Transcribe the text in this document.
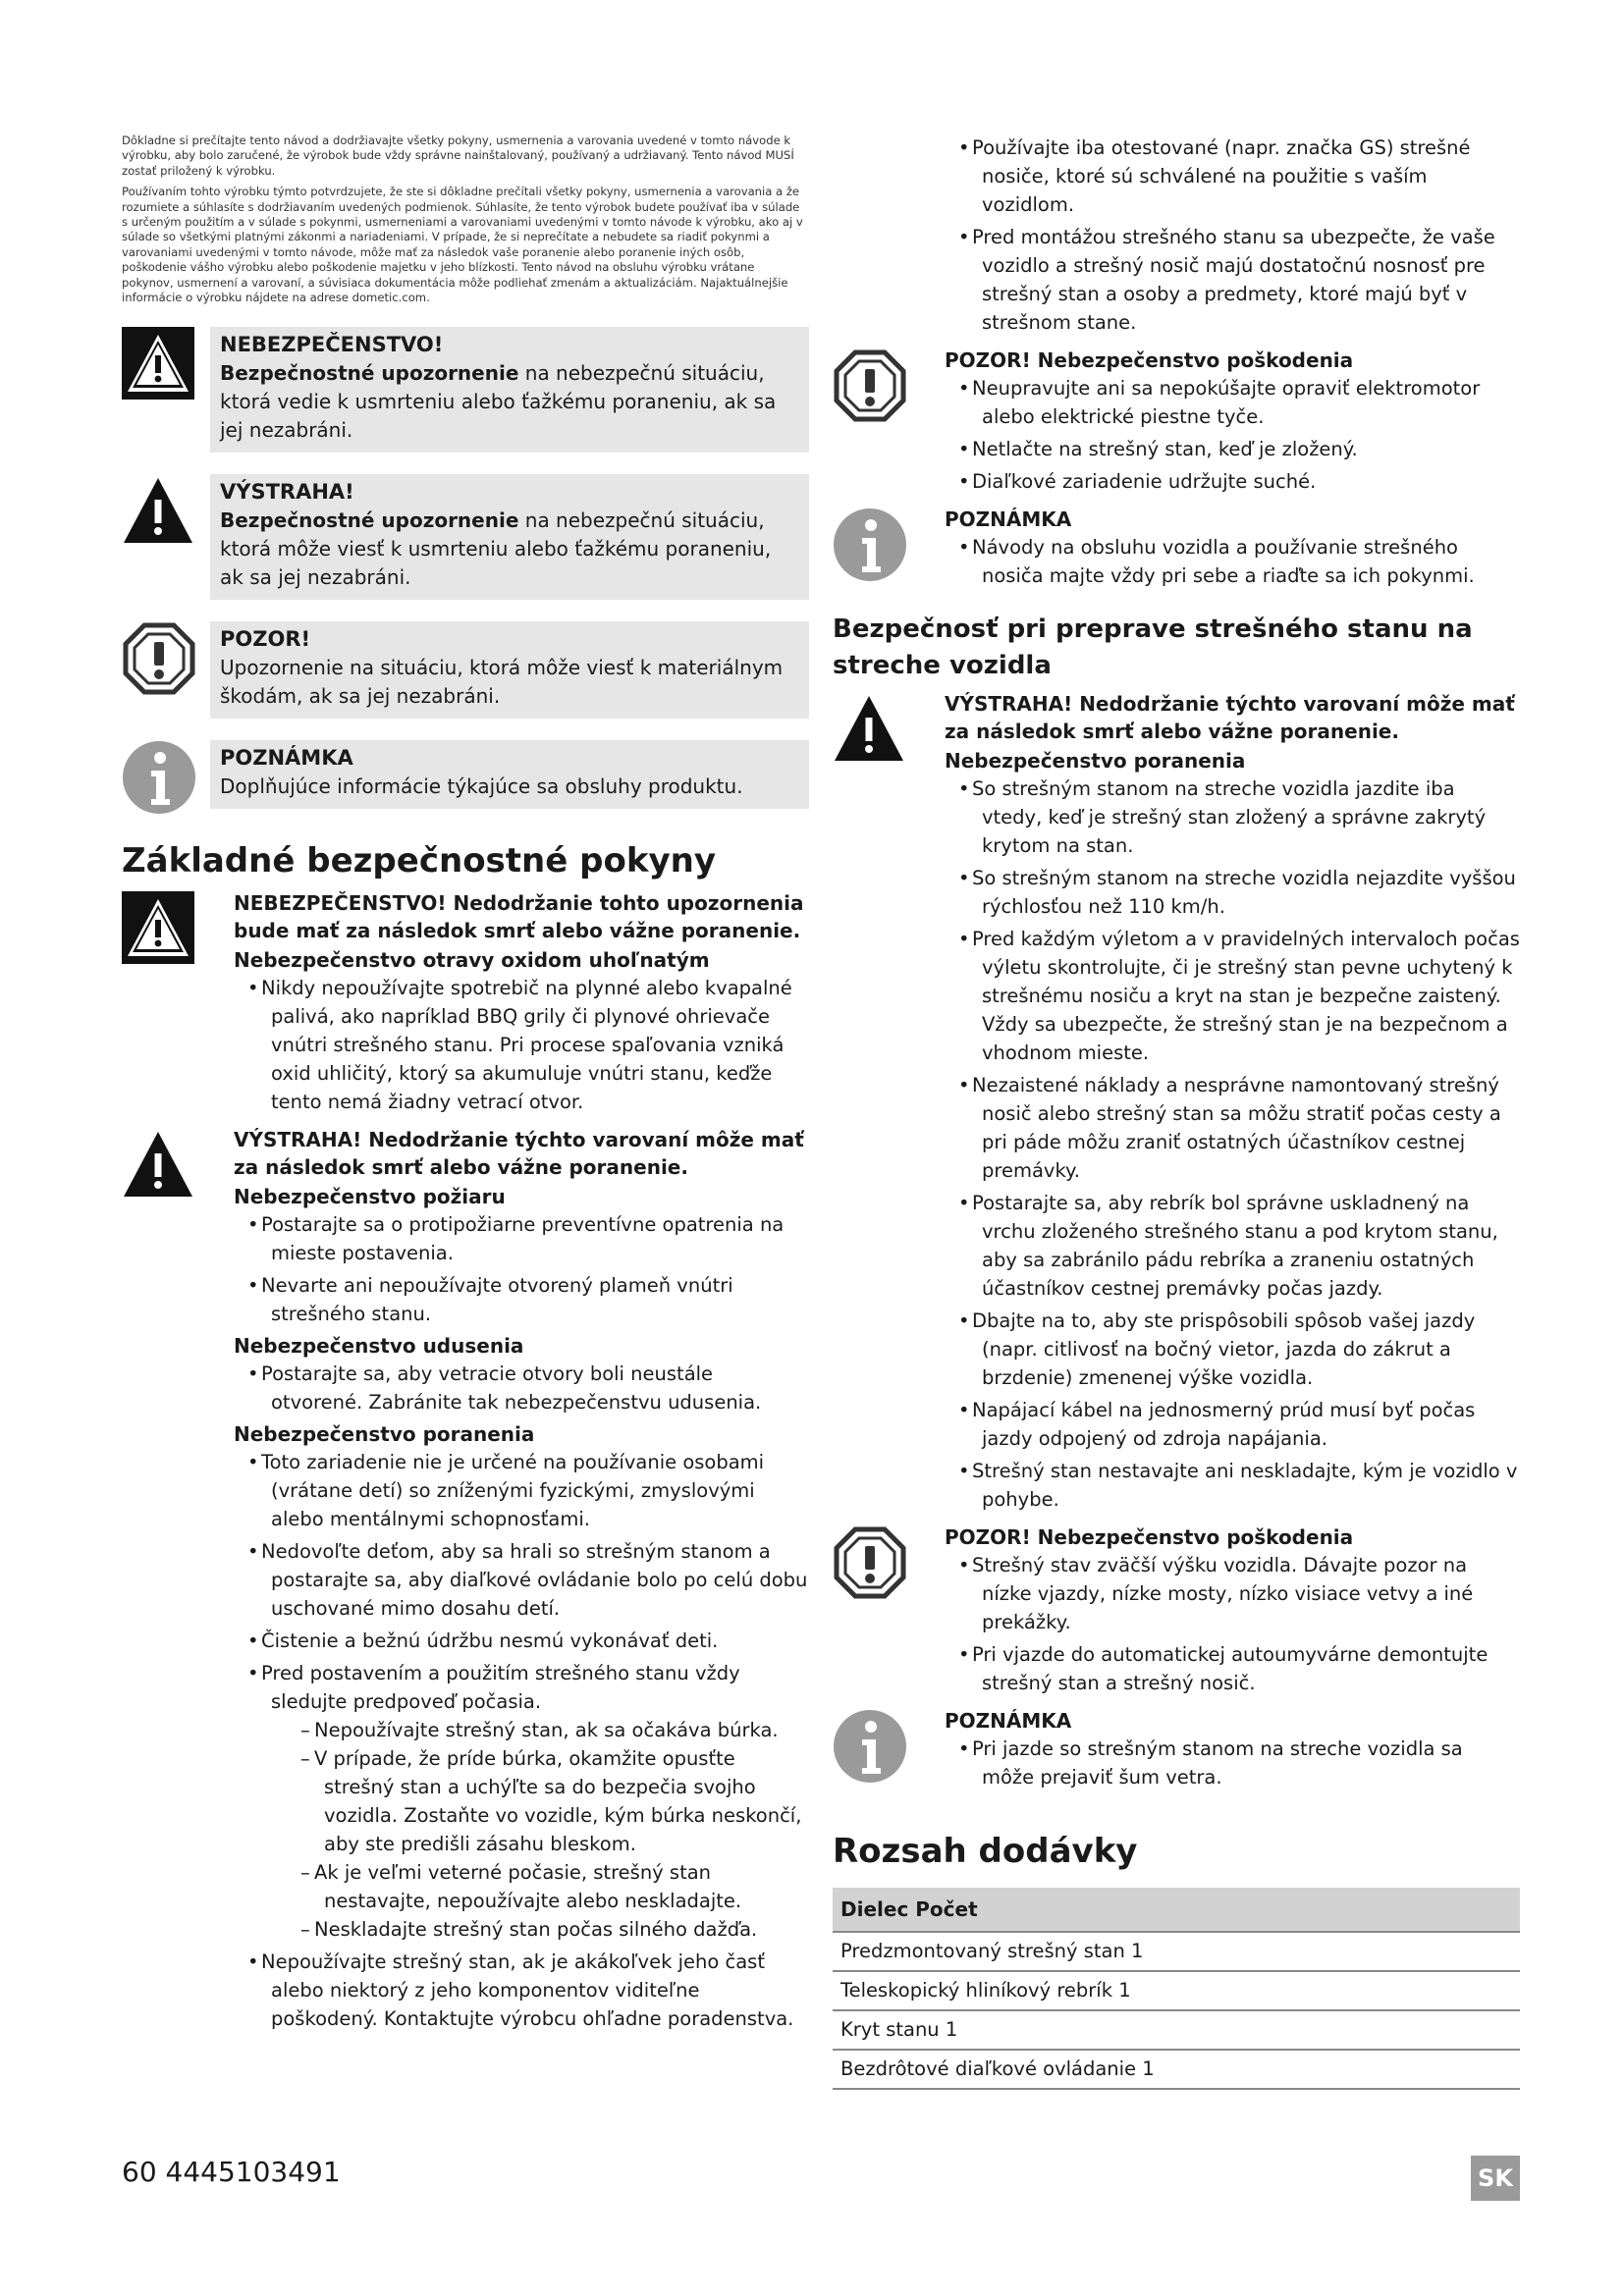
Dôkladne si prečítajte tento návod a dodržiavajte všetky pokyny, usmernenia a varovania uvedené v tomto návode k výrobku, aby bolo zaručené, že výrobok bude vždy správne nainštalovaný, používaný a udržiavaný. Tento návod MUSÍ zostať priložený k výrobku.

Používaním tohto výrobku týmto potvrdzujete, že ste si dôkladne prečítali všetky pokyny, usmernenia a varovania a že rozumiete a súhlasíte s dodržiavaním uvedených podmienok. Súhlasíte, že tento výrobok budete používať iba v súlade s určeným použitím a v súlade s pokynmi, usmerneniami a varovaniami uvedenými v tomto návode k výrobku, ako aj v súlade so všetkými platnými zákonmi a nariadeniami. V prípade, že si neprečítate a nebudete sa riadiť pokynmi a varovaniami uvedenými v tomto návode, môže mať za následok vaše poranenie alebo poranenie iných osôb, poškodenie vášho výrobku alebo poškodenie majetku v jeho blízkosti. Tento návod na obsluhu výrobku vrátane pokynov, usmernení a varovaní, a súvisiaca dokumentácia môže podliehať zmenám a aktualizáciám. Najaktuálnejšie informácie o výrobku nájdete na adrese dometic.com.

NEBEZPEČENSTVO!
Bezpečnostné upozornenie na nebezpečnú situáciu, ktorá vedie k usmrteniu alebo ťažkému poraneniu, ak sa jej nezabráni.
VÝSTRAHA!
Bezpečnostné upozornenie na nebezpečnú situáciu, ktorá môže viesť k usmrteniu alebo ťažkému poraneniu, ak sa jej nezabráni.
POZOR!
Upozornenie na situáciu, ktorá môže viesť k materiálnym škodám, ak sa jej nezabráni.
POZNÁMKA
Doplňujúce informácie týkajúce sa obsluhy produktu.
Základné bezpečnostné pokyny
NEBEZPEČENSTVO! Nedodržanie tohto upozornenia bude mať za následok smrť alebo vážne poranenie.
Nebezpečenstvo otravy oxidom uhoľnatým
• Nikdy nepoužívajte spotrebič na plynné alebo kvapalné palivá, ako napríklad BBQ grily či plynové ohrievače vnútri strešného stanu. Pri procese spaľovania vzniká oxid uhličitý, ktorý sa akumuluje vnútri stanu, keďže tento nemá žiadny vetrací otvor.
VÝSTRAHA! Nedodržanie týchto varovaní môže mať za následok smrť alebo vážne poranenie.
Nebezpečenstvo požiaru
• Postarajte sa o protipožiarne preventívne opatrenia na mieste postavenia.
• Nevarte ani nepoužívajte otvorený plameň vnútri strešného stanu.
Nebezpečenstvo udusenia
• Postarajte sa, aby vetracie otvory boli neustále otvorené. Zabránite tak nebezpečenstvu udusenia.
Nebezpečenstvo poranenia
• Toto zariadenie nie je určené na používanie osobami (vrátane detí) so zníženými fyzickými, zmyslovými alebo mentálnymi schopnosťami.
• Nedovoľte deťom, aby sa hrali so strešným stanom a postarajte sa, aby diaľkové ovládanie bolo po celú dobu uschované mimo dosahu detí.
• Čistenie a bežnú údržbu nesmú vykonávať deti.
• Pred postavením a použitím strešného stanu vždy sledujte predpoveď počasia.
– Nepoužívajte strešný stan, ak sa očakáva búrka.
– V prípade, že príde búrka, okamžite opusťte strešný stan a uchýľte sa do bezpečia svojho vozidla. Zostaňte vo vozidle, kým búrka neskončí, aby ste predišli zásahu bleskom.
– Ak je veľmi veterné počasie, strešný stan nestavajte, nepoužívajte alebo neskladajte.
– Neskladajte strešný stan počas silného dažďa.
• Nepoužívajte strešný stan, ak je akákoľvek jeho časť alebo niektorý z jeho komponentov viditeľne poškodený. Kontaktujte výrobcu ohľadne poradenstva.
• Používajte iba otestované (napr. značka GS) strešné nosiče, ktoré sú schválené na použitie s vaším vozidlom.
• Pred montážou strešného stanu sa ubezpečte, že vaše vozidlo a strešný nosič majú dostatočnú nosnosť pre strešný stan a osoby a predmety, ktoré majú byť v strešnom stane.
POZOR! Nebezpečenstvo poškodenia
• Neupravujte ani sa nepokúšajte opraviť elektromotor alebo elektrické piestne tyče.
• Netlačte na strešný stan, keď je zložený.
• Diaľkové zariadenie udržujte suché.
POZNÁMKA
• Návody na obsluhu vozidla a používanie strešného nosiča majte vždy pri sebe a riaďte sa ich pokynmi.
Bezpečnosť pri preprave strešného stanu na streche vozidla
VÝSTRAHA! Nedodržanie týchto varovaní môže mať za následok smrť alebo vážne poranenie.
Nebezpečenstvo poranenia
• So strešným stanom na streche vozidla jazdite iba vtedy, keď je strešný stan zložený a správne zakrytý krytom na stan.
• So strešným stanom na streche vozidla nejazdite vyššou rýchlosťou než 110 km/h.
• Pred každým výletom a v pravidelných intervaloch počas výletu skontrolujte, či je strešný stan pevne uchytený k strešnému nosiču a kryt na stan je bezpečne zaistený. Vždy sa ubezpečte, že strešný stan je na bezpečnom a vhodnom mieste.
• Nezaistené náklady a nesprávne namontovaný strešný nosič alebo strešný stan sa môžu stratiť počas cesty a pri páde môžu zraniť ostatných účastníkov cestnej premávky.
• Postarajte sa, aby rebrík bol správne uskladnený na vrchu zloženého strešného stanu a pod krytom stanu, aby sa zabránilo pádu rebríka a zraneniu ostatných účastníkov cestnej premávky počas jazdy.
• Dbajte na to, aby ste prispôsobili spôsob vašej jazdy (napr. citlivosť na bočný vietor, jazda do zákrut a brzdenie) zmenenej výške vozidla.
• Napájací kábel na jednosmerný prúd musí byť počas jazdy odpojený od zdroja napájania.
• Strešný stan nestavajte ani neskladajte, kým je vozidlo v pohybe.
POZOR! Nebezpečenstvo poškodenia
• Strešný stav zväčší výšku vozidla. Dávajte pozor na nízke vjazdy, nízke mosty, nízko visiace vetvy a iné prekážky.
• Pri vjazde do automatickej autoumyvárne demontujte strešný stan a strešný nosič.
POZNÁMKA
• Pri jazde so strešným stanom na streche vozidla sa môže prejaviť šum vetra.
Rozsah dodávky
Dielec Počet
Predzmontovaný strešný stan 1
Teleskopický hliníkový rebrík 1
Kryt stanu 1
Bezdrôtové diaľkové ovládanie 1
60 4445103491	SK
